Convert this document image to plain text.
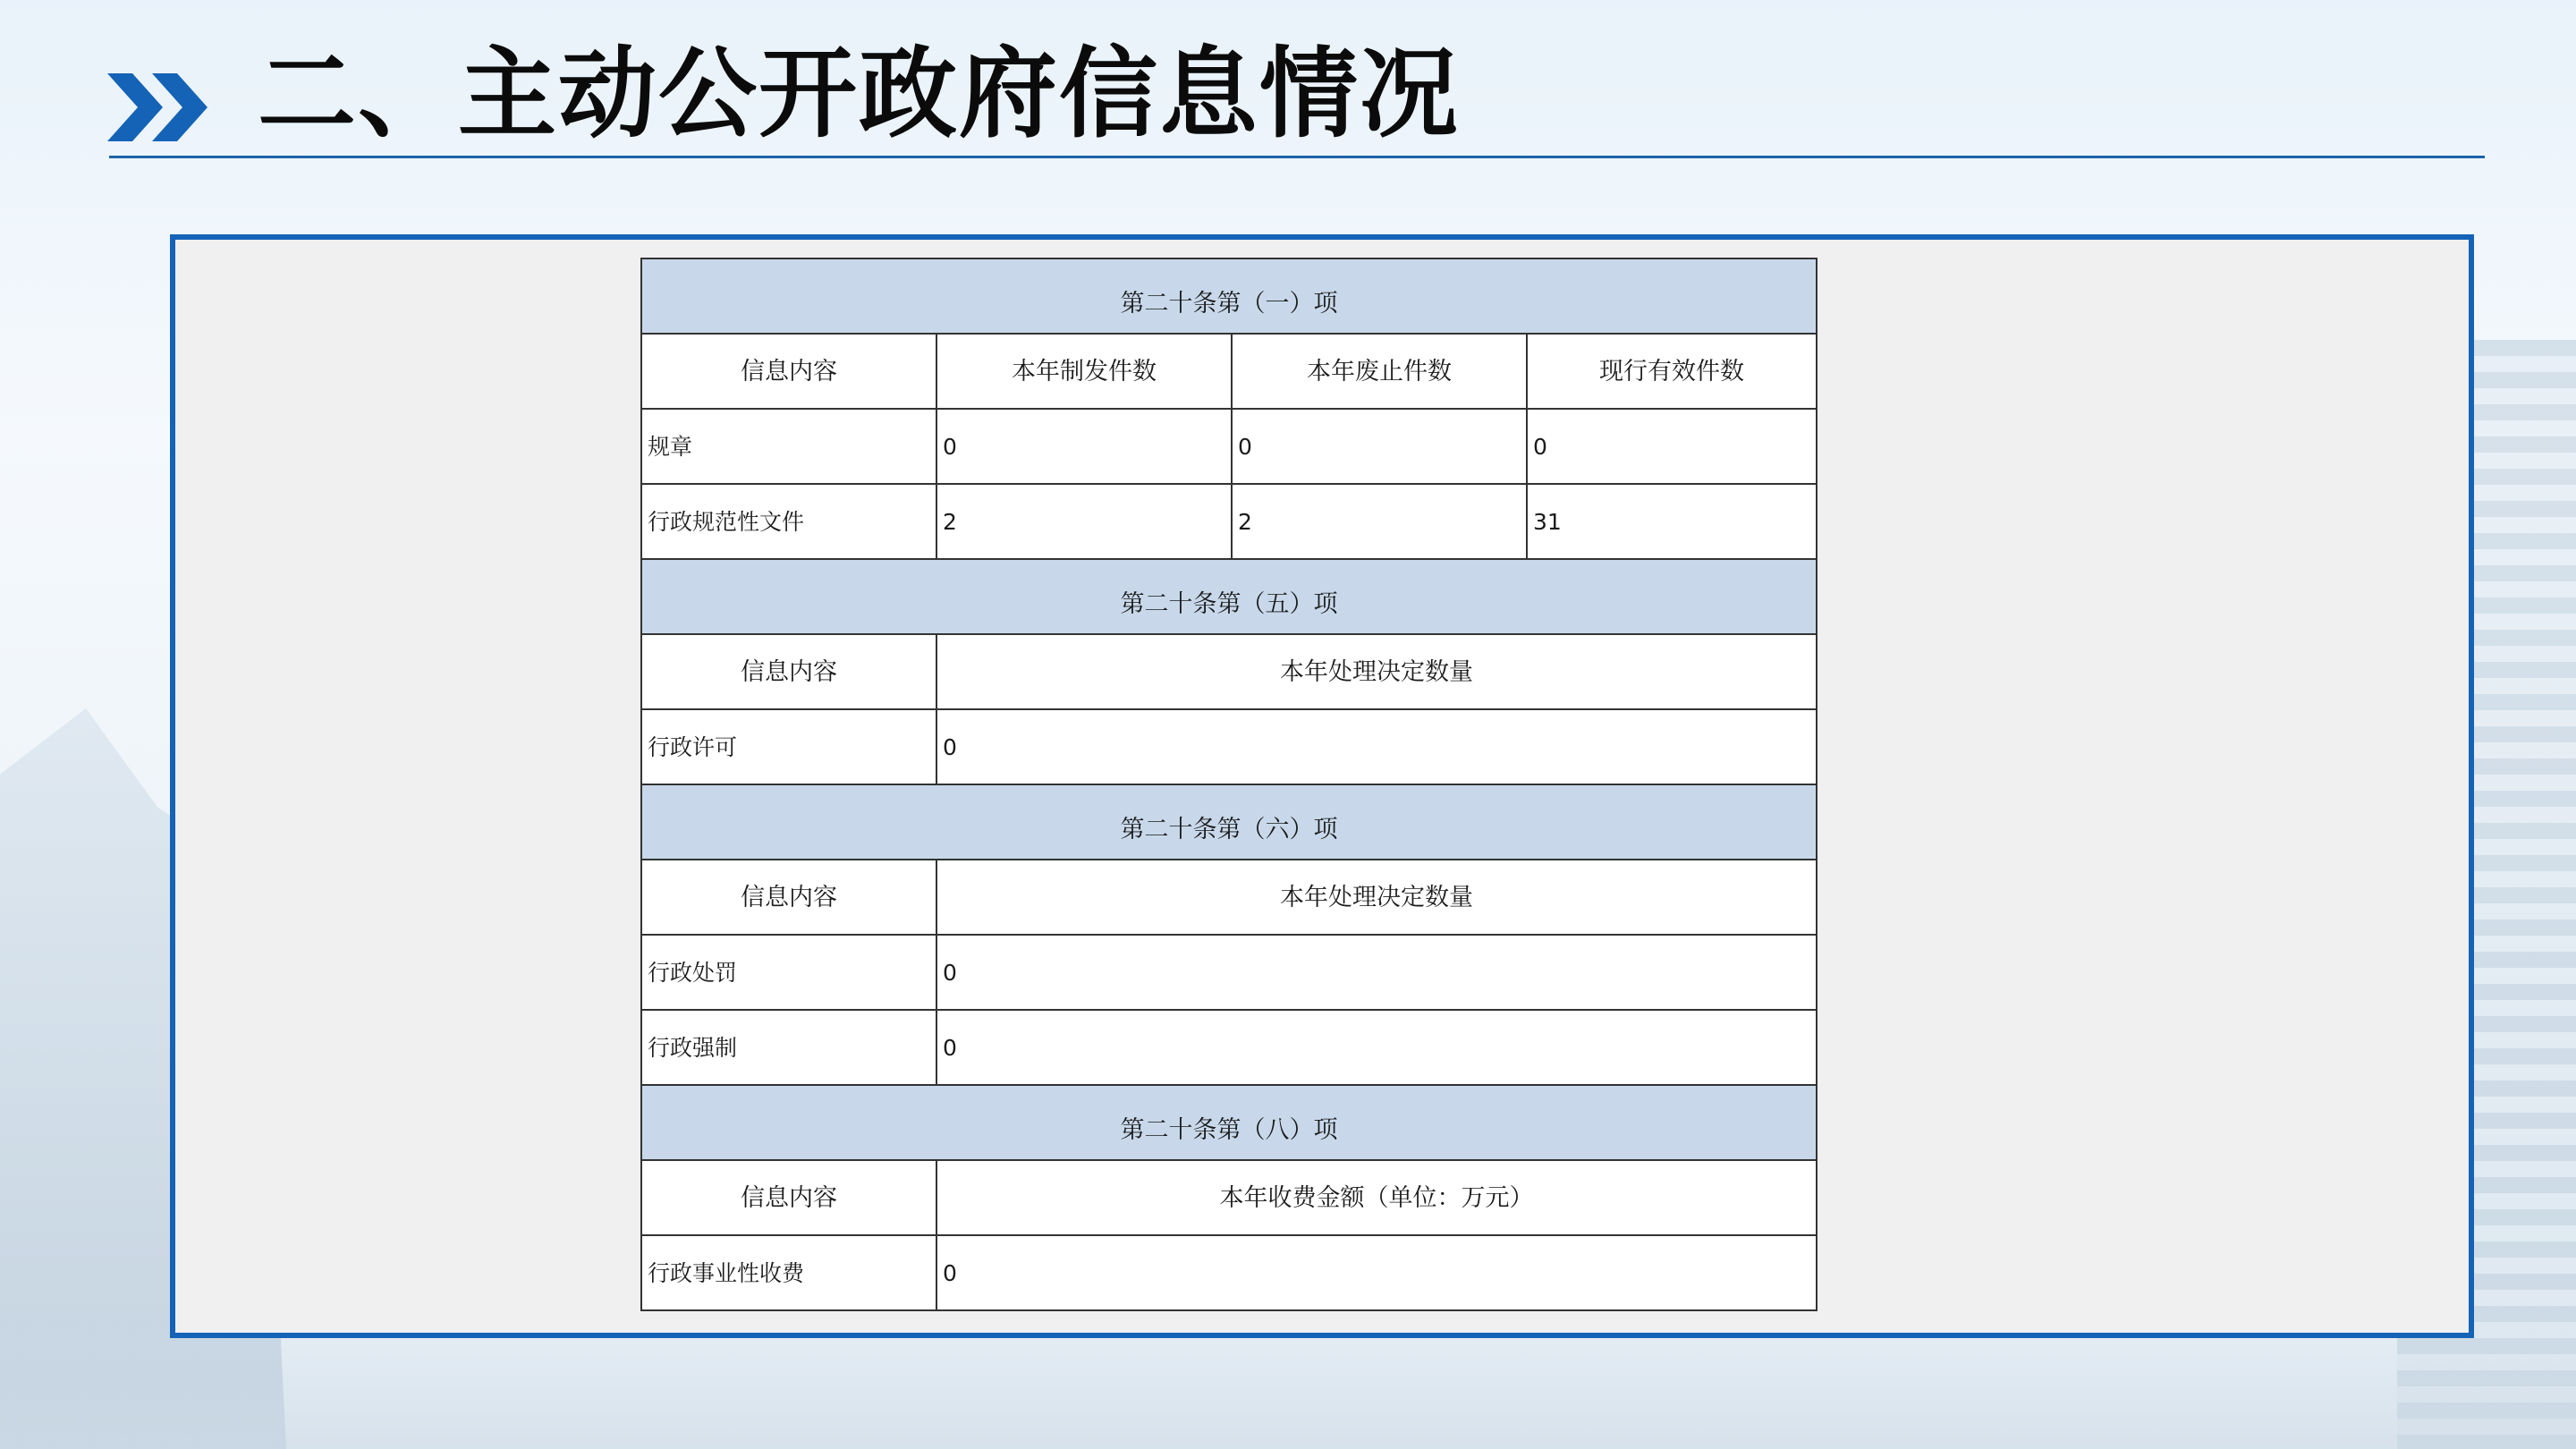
二、主动公开政府信息情况
第二十条第（一）项			
信息内容	本年制发件数	本年废止件数	现行有效件数
规章	0	0	0
行政规范性文件	2	2	31
第二十条第（五）项			
信息内容	本年处理决定数量		
行政许可	0		
第二十条第（六）项			
信息内容	本年处理决定数量		
行政处罚	0		
行政强制	0		
第二十条第（八）项			
信息内容	本年收费金额（单位：万元）		
行政事业性收费	0		
